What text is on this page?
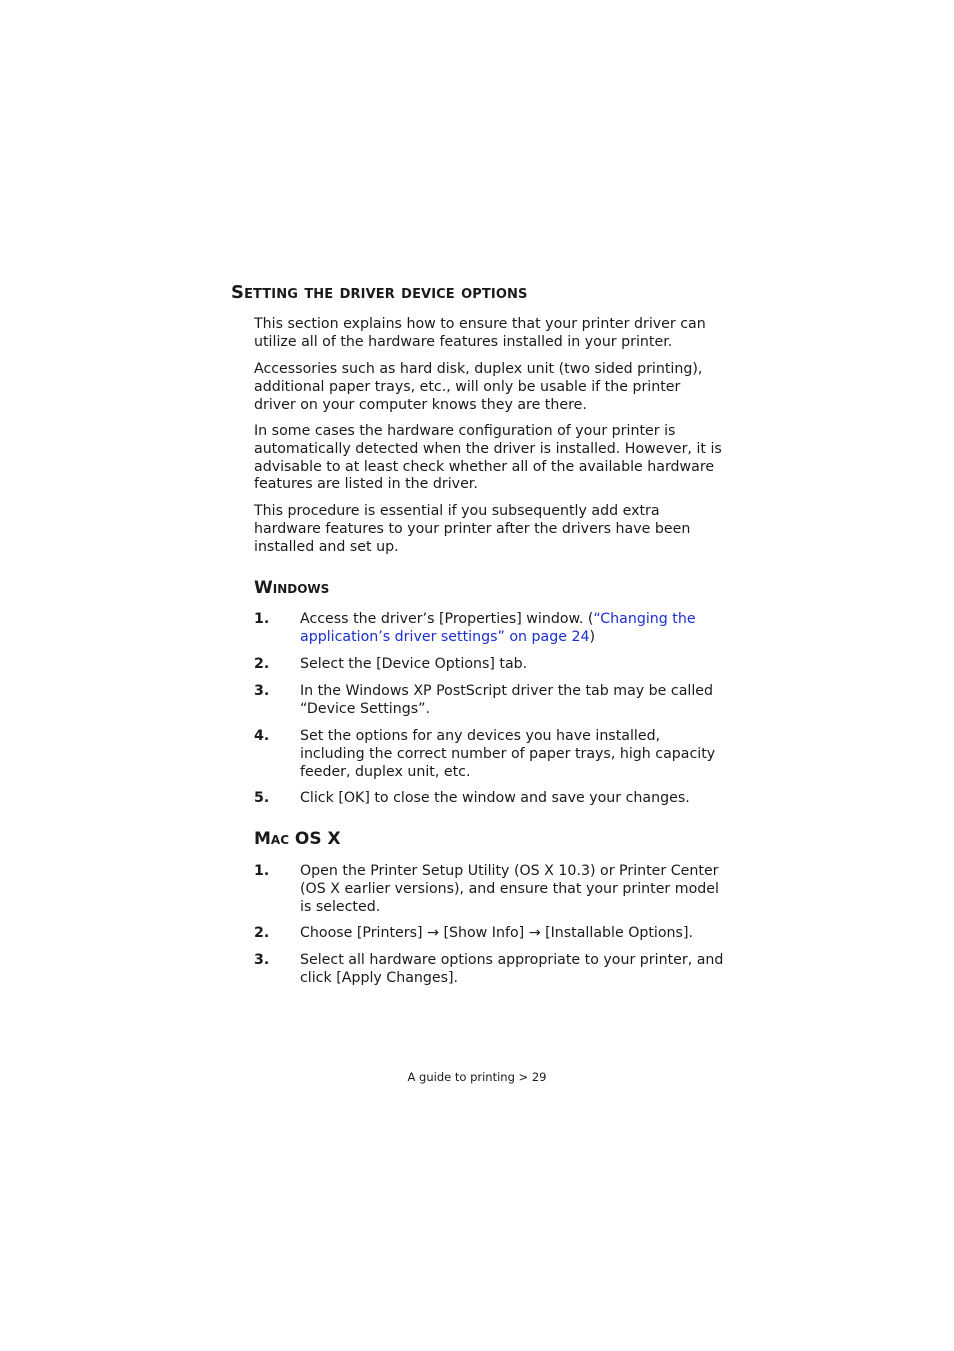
Setting the driver device options

This section explains how to ensure that your printer driver can utilize all of the hardware features installed in your printer.

Accessories such as hard disk, duplex unit (two sided printing), additional paper trays, etc., will only be usable if the printer driver on your computer knows they are there.

In some cases the hardware configuration of your printer is automatically detected when the driver is installed. However, it is advisable to at least check whether all of the available hardware features are listed in the driver.

This procedure is essential if you subsequently add extra hardware features to your printer after the drivers have been installed and set up.

Windows
1.	Access the driver’s [Properties] window. (“Changing the application’s driver settings” on page 24)
2.	Select the [Device Options] tab.
3.	In the Windows XP PostScript driver the tab may be called “Device Settings”.
4.	Set the options for any devices you have installed, including the correct number of paper trays, high capacity feeder, duplex unit, etc.
5.	Click [OK] to close the window and save your changes.
Mac OS X
1.	Open the Printer Setup Utility (OS X 10.3) or Printer Center (OS X earlier versions), and ensure that your printer model is selected.
2.	Choose [Printers] → [Show Info] → [Installable Options].
3.	Select all hardware options appropriate to your printer, and click [Apply Changes].
A guide to printing > 29
